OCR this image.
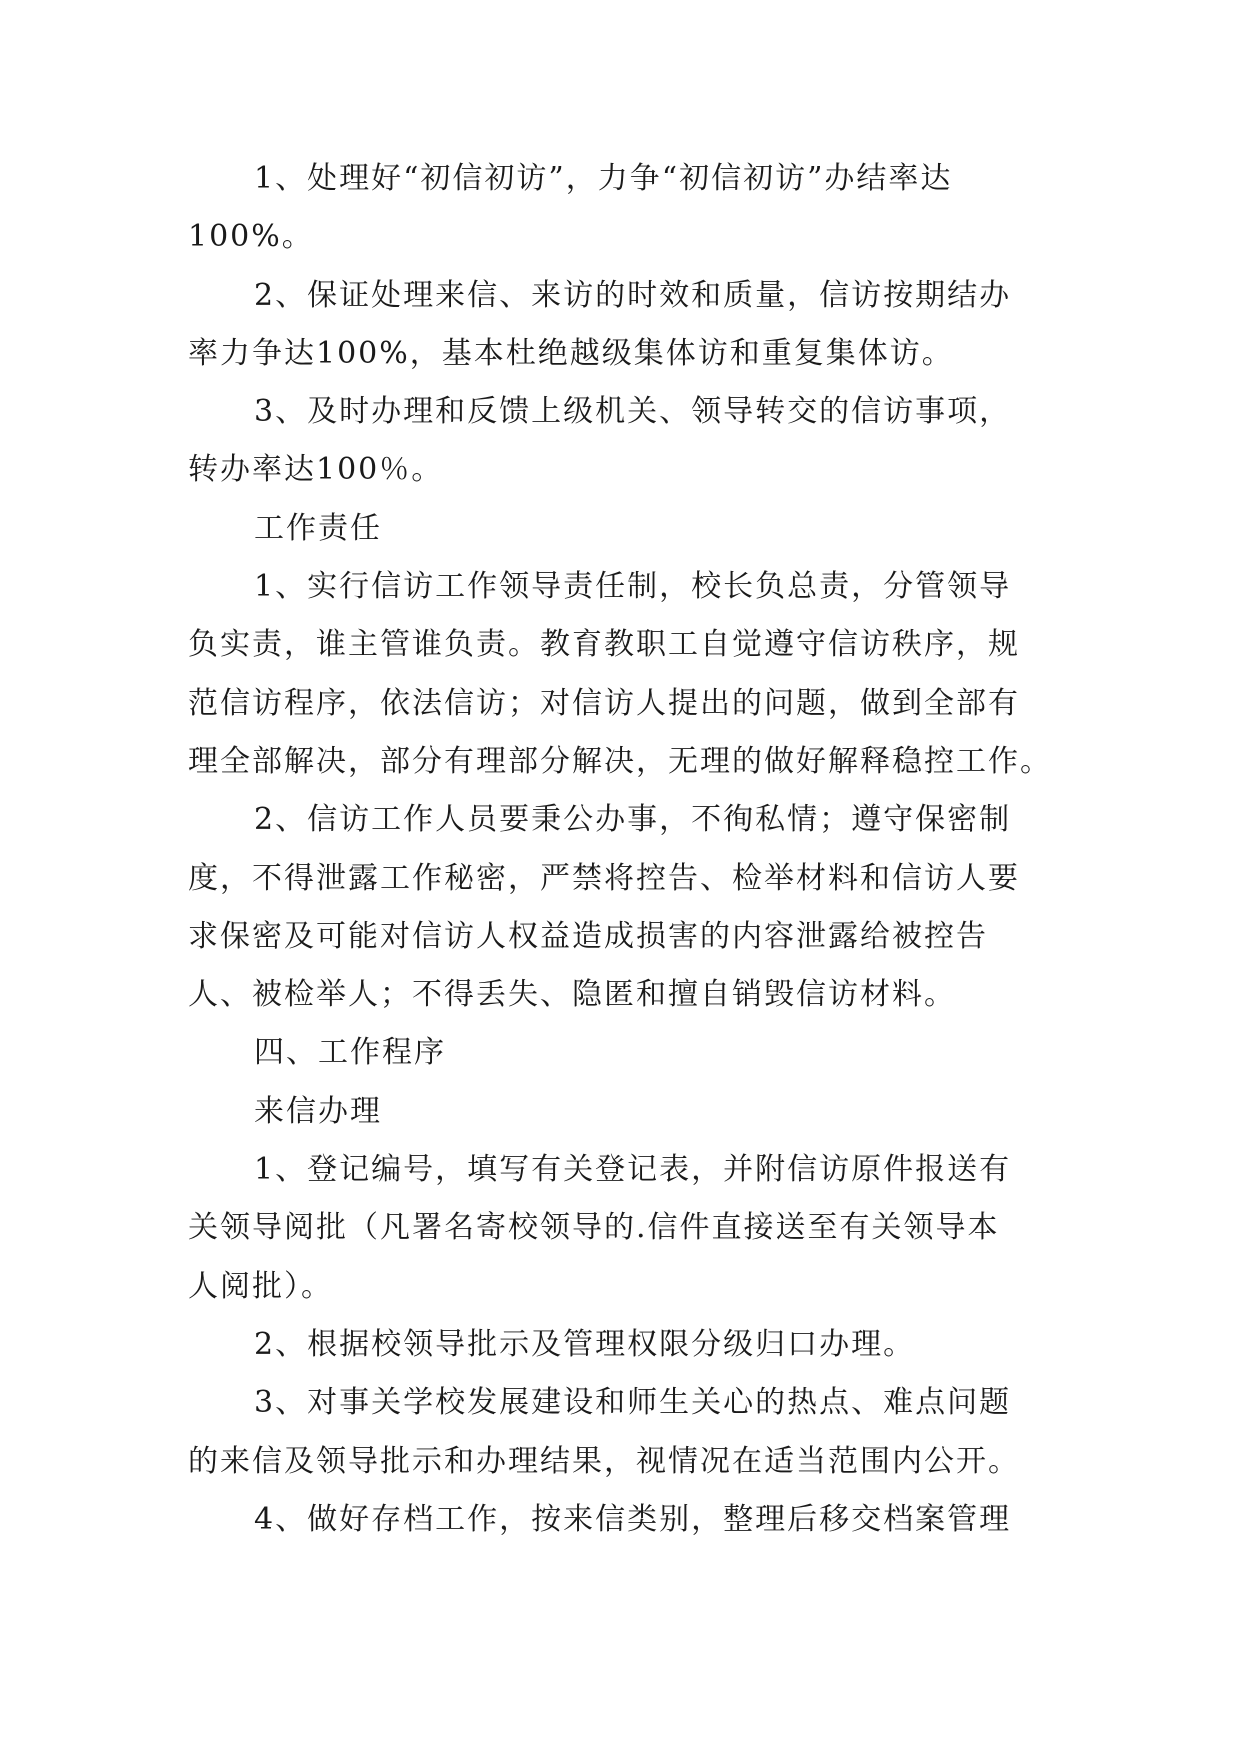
1、处理好“初信初访”，力争“初信初访”办结率达
100%。
2、保证处理来信、来访的时效和质量，信访按期结办
率力争达100%，基本杜绝越级集体访和重复集体访。
3、及时办理和反馈上级机关、领导转交的信访事项，
转办率达100％。
工作责任
1、实行信访工作领导责任制，校长负总责，分管领导
负实责，谁主管谁负责。教育教职工自觉遵守信访秩序，规
范信访程序，依法信访；对信访人提出的问题，做到全部有
理全部解决，部分有理部分解决，无理的做好解释稳控工作。
2、信访工作人员要秉公办事，不徇私情；遵守保密制
度，不得泄露工作秘密，严禁将控告、检举材料和信访人要
求保密及可能对信访人权益造成损害的内容泄露给被控告
人、被检举人；不得丢失、隐匿和擅自销毁信访材料。
四、工作程序
来信办理
1、登记编号，填写有关登记表，并附信访原件报送有
关领导阅批（凡署名寄校领导的.信件直接送至有关领导本
人阅批）。
2、根据校领导批示及管理权限分级归口办理。
3、对事关学校发展建设和师生关心的热点、难点问题
的来信及领导批示和办理结果，视情况在适当范围内公开。
4、做好存档工作，按来信类别，整理后移交档案管理
